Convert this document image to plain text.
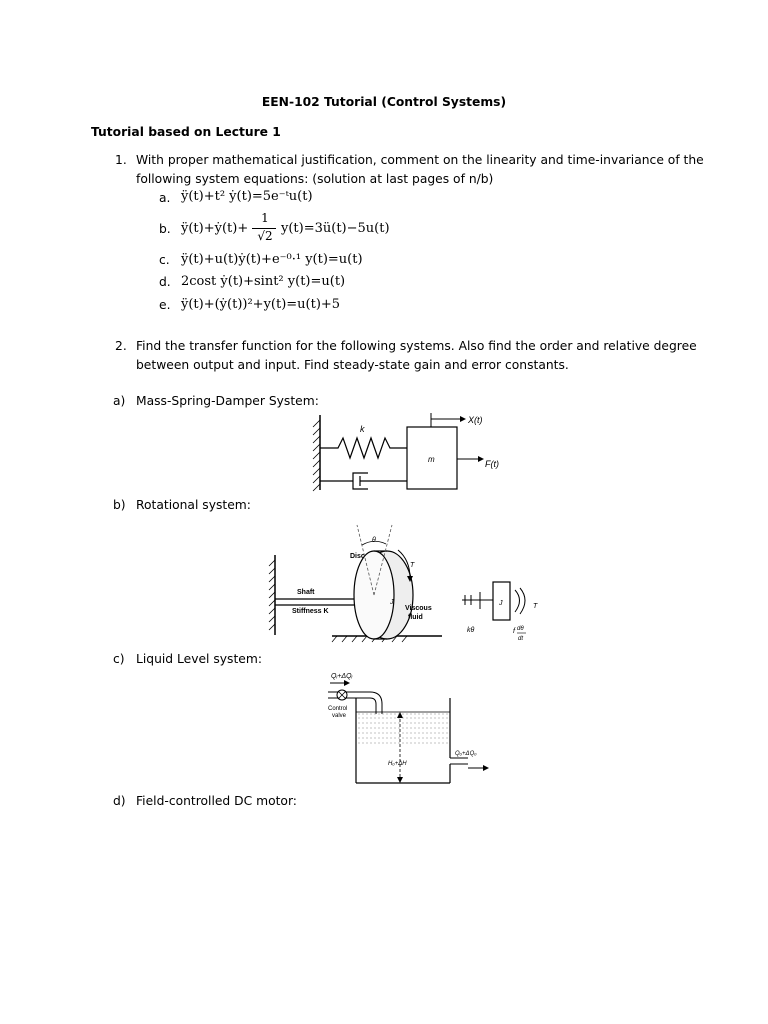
EEN-102 Tutorial (Control Systems)
Tutorial based on Lecture 1
1. With proper mathematical justification, comment on the linearity and time-invariance of the
following system equations: (solution at last pages of n/b)
a. ÿ(t)+t² ẏ(t)=5e⁻ᵗu(t)
b. ÿ(t)+ẏ(t)+
1
√2 y(t)=3ü(t)−5u(t)
c. ÿ(t)+u(t)ẏ(t)+e⁻⁰·¹ y(t)=u(t)
d. 2cost ẏ(t)+sint² y(t)=u(t)
e. ÿ(t)+(ẏ(t))²+y(t)=u(t)+5
2. Find the transfer function for the following systems. Also find the order and relative degree
between output and input. Find steady-state gain and error constants.
a) Mass-Spring-Damper System:
b) Rotational system:
c) Liquid Level system:
d) Field-controlled DC motor:
k
m
X(t)
F(t)
Disc
θ
T
Shaft
Stiffness K	Viscous
fluid
J	J	T
kθ	f dθ
dt
Qᵢ+ΔQᵢ
Control
valve
Hₒ+ΔH
Qₒ+ΔQₒ
